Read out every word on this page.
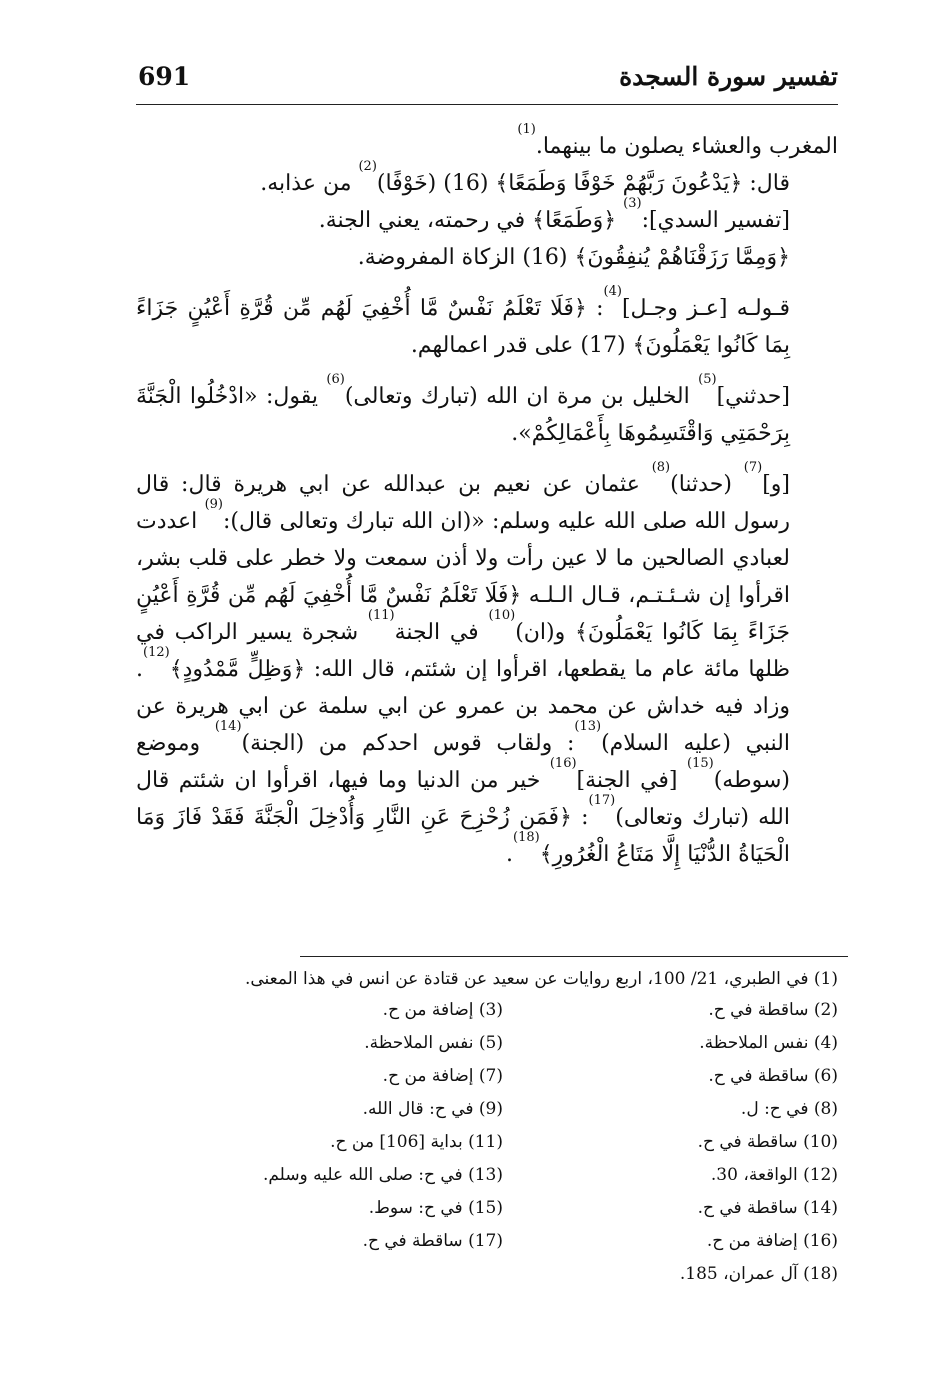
تفسير سورة السجدة
691

المغرب والعشاء يصلون ما بينهما.$^{(1)}$

قال: ﴿يَدْعُونَ رَبَّهُمْ خَوْفًا وَطَمَعًا﴾ (16) (خَوْفًا)$^{(2)}$ من عذابه.

[تفسير السدي]:$^{(3)}$ ﴿وَطَمَعًا﴾ في رحمته، يعني الجنة.

﴿وَمِمَّا رَزَقْنَاهُمْ يُنفِقُونَ﴾ (16) الزكاة المفروضة.

قـولـه [عـز وجـل]$^{(4)}$: ﴿فَلَا تَعْلَمُ نَفْسٌ مَّا أُخْفِيَ لَهُم مِّن قُرَّةِ أَعْيُنٍ جَزَاءً بِمَا كَانُوا يَعْمَلُونَ﴾ (17) على قدر اعمالهم.

[حدثني]$^{(5)}$ الخليل بن مرة ان الله (تبارك وتعالى)$^{(6)}$ يقول: «ادْخُلُوا الْجَنَّةَ بِرَحْمَتِي وَاقْتَسِمُوهَا بِأَعْمَالِكُمْ».

[و]$^{(7)}$ (حدثنا)$^{(8)}$ عثمان عن نعيم بن عبدالله عن ابي هريرة قال: قال رسول الله صلى الله عليه وسلم: «(ان الله تبارك وتعالى قال):$^{(9)}$ اعددت لعبادي الصالحين ما لا عين رأت ولا أذن سمعت ولا خطر على قلب بشر، اقرأوا إن شـئـتـم، قـال الـلـه ﴿فَلَا تَعْلَمُ نَفْسٌ مَّا أُخْفِيَ لَهُم مِّن قُرَّةِ أَعْيُنٍ جَزَاءً بِمَا كَانُوا يَعْمَلُونَ﴾ و(ان)$^{(10)}$ في الجنة$^{(11)}$ شجرة يسير الراكب في ظلها مائة عام ما يقطعها، اقرأوا إن شئتم، قال الله: ﴿وَظِلٍّ مَّمْدُودٍ﴾$^{(12)}$. وزاد فيه خداش عن محمد بن عمرو عن ابي سلمة عن ابي هريرة عن النبي (عليه السلام)$^{(13)}$: ولقاب قوس احدكم من (الجنة)$^{(14)}$ وموضع (سوطه)$^{(15)}$ [في الجنة]$^{(16)}$ خير من الدنيا وما فيها، اقرأوا ان شئتم قال الله (تبارك وتعالى)$^{(17)}$: ﴿فَمَن زُحْزِحَ عَنِ النَّارِ وَأُدْخِلَ الْجَنَّةَ فَقَدْ فَازَ وَمَا الْحَيَاةُ الدُّنْيَا إِلَّا مَتَاعُ الْغُرُورِ﴾$^{(18)}$.

(1) في الطبري، 21/ 100، اربع روايات عن سعيد عن قتادة عن انس في هذا المعنى.
(2) ساقطة في ح.
(3) إضافة من ح.
(4) نفس الملاحظة.
(5) نفس الملاحظة.
(6) ساقطة في ح.
(7) إضافة من ح.
(8) في ح: ل.
(9) في ح: قال الله.
(10) ساقطة في ح.
(11) بداية [106] من ح.
(12) الواقعة، 30.
(13) في ح: صلى الله عليه وسلم.
(14) ساقطة في ح.
(15) في ح: سوط.
(16) إضافة من ح.
(17) ساقطة في ح.
(18) آل عمران، 185.
